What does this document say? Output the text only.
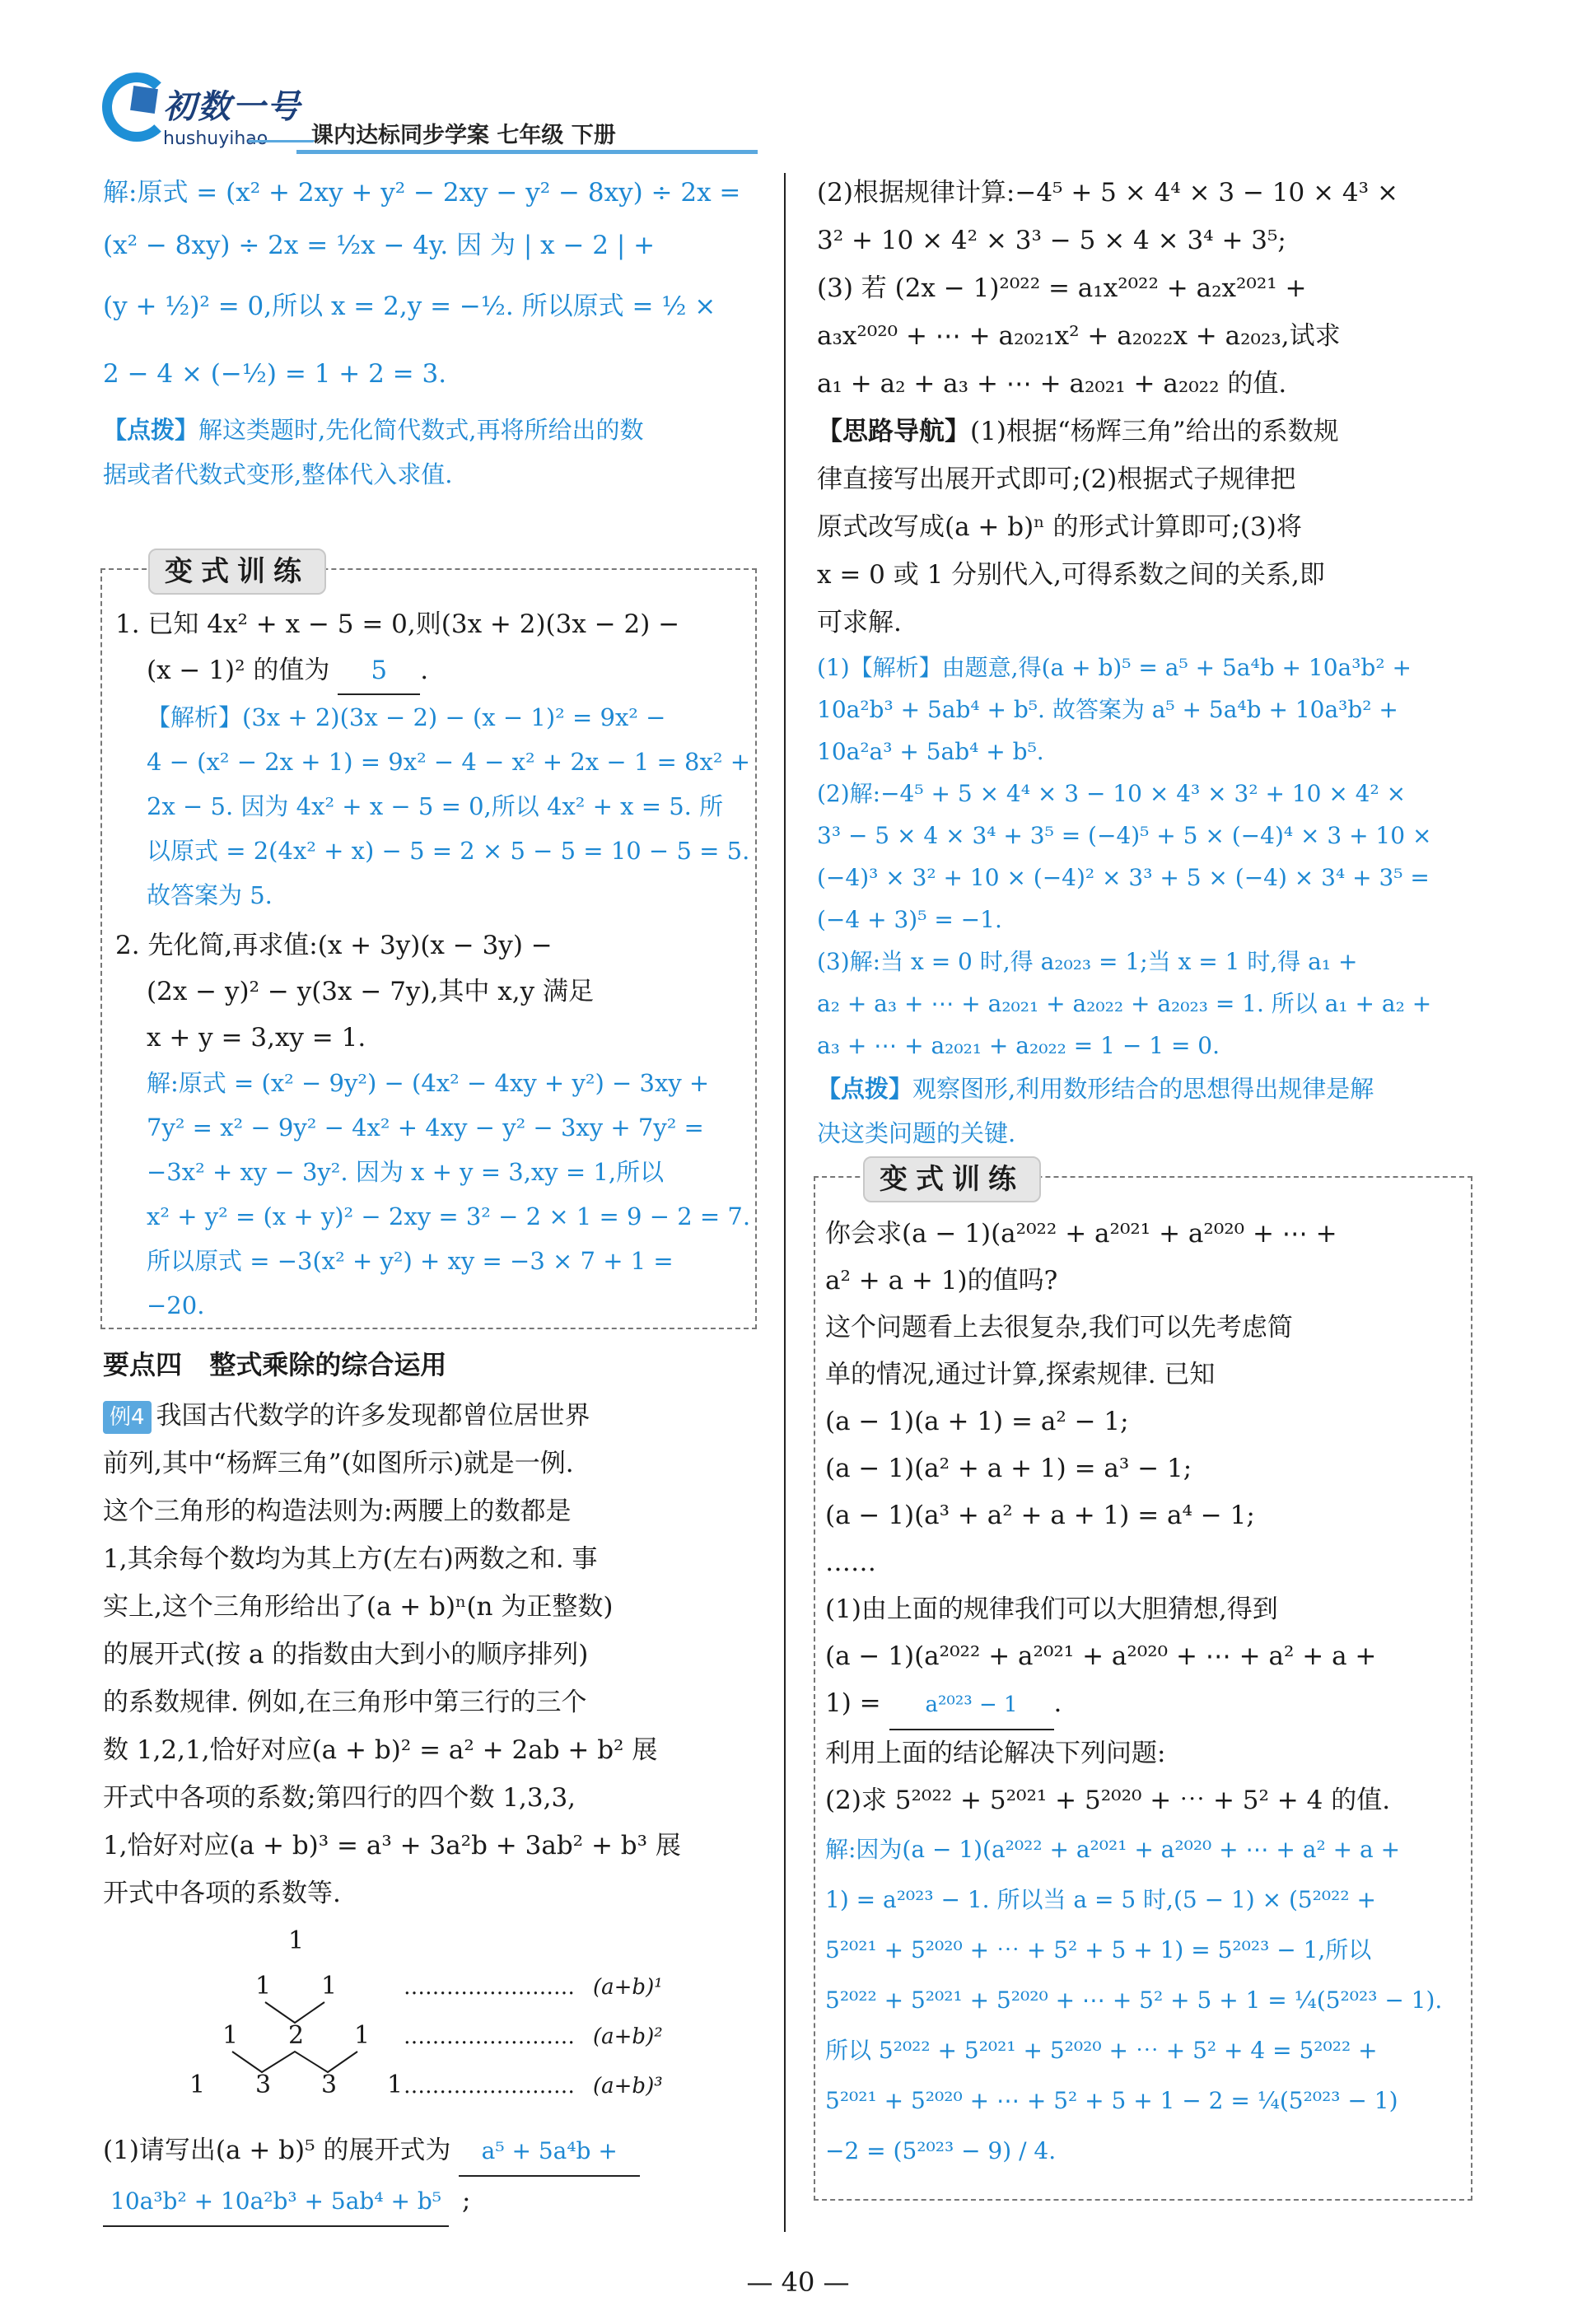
初数一号
hushuyihao 课内达标同步学案 七年级 下册
解:原式 = (x² + 2xy + y² − 2xy − y² − 8xy) ÷ 2x =
(x² − 8xy) ÷ 2x = ½x − 4y. 因 为 | x − 2 | +
(y + ½)² = 0,所以 x = 2,y = −½. 所以原式 = ½ ×
2 − 4 × (−½) = 1 + 2 = 3.
【点拨】解这类题时,先化简代数式,再将所给出的数
据或者代数式变形,整体代入求值.
变式训练
1. 已知 4x² + x − 5 = 0,则(3x + 2)(3x − 2) −
(x − 1)² 的值为 5 .
【解析】(3x + 2)(3x − 2) − (x − 1)² = 9x² −
4 − (x² − 2x + 1) = 9x² − 4 − x² + 2x − 1 = 8x² +
2x − 5. 因为 4x² + x − 5 = 0,所以 4x² + x = 5. 所
以原式 = 2(4x² + x) − 5 = 2 × 5 − 5 = 10 − 5 = 5.
故答案为 5.
2. 先化简,再求值:(x + 3y)(x − 3y) −
(2x − y)² − y(3x − 7y),其中 x,y 满足
x + y = 3,xy = 1.
解:原式 = (x² − 9y²) − (4x² − 4xy + y²) − 3xy +
7y² = x² − 9y² − 4x² + 4xy − y² − 3xy + 7y² =
−3x² + xy − 3y². 因为 x + y = 3,xy = 1,所以
x² + y² = (x + y)² − 2xy = 3² − 2 × 1 = 9 − 2 = 7.
所以原式 = −3(x² + y²) + xy = −3 × 7 + 1 =
−20.
要点四   整式乘除的综合运用
例4 我国古代数学的许多发现都曾位居世界
前列,其中“杨辉三角”(如图所示)就是一例.
这个三角形的构造法则为:两腰上的数都是
1,其余每个数均为其上方(左右)两数之和. 事
实上,这个三角形给出了(a + b)ⁿ(n 为正整数)
的展开式(按 a 的指数由大到小的顺序排列)
的系数规律. 例如,在三角形中第三行的三个
数 1,2,1,恰好对应(a + b)² = a² + 2ab + b² 展
开式中各项的系数;第四行的四个数 1,3,3,
1,恰好对应(a + b)³ = a³ + 3a²b + 3ab² + b³ 展
开式中各项的系数等.
1
1 1
1 2 1
1 3 3 1
…………………… (a+b)¹
…………………… (a+b)²
…………………… (a+b)³
(1)请写出(a + b)⁵ 的展开式为 a⁵ + 5a⁴b +
10a³b² + 10a²b³ + 5ab⁴ + b⁵ ;
(2)根据规律计算:−4⁵ + 5 × 4⁴ × 3 − 10 × 4³ ×
3² + 10 × 4² × 3³ − 5 × 4 × 3⁴ + 3⁵;
(3) 若 (2x − 1)²⁰²² = a₁x²⁰²² + a₂x²⁰²¹ +
a₃x²⁰²⁰ + ⋯ + a₂₀₂₁x² + a₂₀₂₂x + a₂₀₂₃,试求
a₁ + a₂ + a₃ + ⋯ + a₂₀₂₁ + a₂₀₂₂ 的值.
【思路导航】(1)根据“杨辉三角”给出的系数规
律直接写出展开式即可;(2)根据式子规律把
原式改写成(a + b)ⁿ 的形式计算即可;(3)将
x = 0 或 1 分别代入,可得系数之间的关系,即
可求解.
(1)【解析】由题意,得(a + b)⁵ = a⁵ + 5a⁴b + 10a³b² +
10a²b³ + 5ab⁴ + b⁵. 故答案为 a⁵ + 5a⁴b + 10a³b² +
10a²a³ + 5ab⁴ + b⁵.
(2)解:−4⁵ + 5 × 4⁴ × 3 − 10 × 4³ × 3² + 10 × 4² ×
3³ − 5 × 4 × 3⁴ + 3⁵ = (−4)⁵ + 5 × (−4)⁴ × 3 + 10 ×
(−4)³ × 3² + 10 × (−4)² × 3³ + 5 × (−4) × 3⁴ + 3⁵ =
(−4 + 3)⁵ = −1.
(3)解:当 x = 0 时,得 a₂₀₂₃ = 1;当 x = 1 时,得 a₁ +
a₂ + a₃ + ⋯ + a₂₀₂₁ + a₂₀₂₂ + a₂₀₂₃ = 1. 所以 a₁ + a₂ +
a₃ + ⋯ + a₂₀₂₁ + a₂₀₂₂ = 1 − 1 = 0.
【点拨】观察图形,利用数形结合的思想得出规律是解
决这类问题的关键.
变式训练
你会求(a − 1)(a²⁰²² + a²⁰²¹ + a²⁰²⁰ + ⋯ +
a² + a + 1)的值吗?
这个问题看上去很复杂,我们可以先考虑简
单的情况,通过计算,探索规律. 已知
(a − 1)(a + 1) = a² − 1;
(a − 1)(a² + a + 1) = a³ − 1;
(a − 1)(a³ + a² + a + 1) = a⁴ − 1;
……
(1)由上面的规律我们可以大胆猜想,得到
(a − 1)(a²⁰²² + a²⁰²¹ + a²⁰²⁰ + ⋯ + a² + a +
1) = a²⁰²³ − 1 .
利用上面的结论解决下列问题:
(2)求 5²⁰²² + 5²⁰²¹ + 5²⁰²⁰ + ⋯ + 5² + 4 的值.
解:因为(a − 1)(a²⁰²² + a²⁰²¹ + a²⁰²⁰ + ⋯ + a² + a +
1) = a²⁰²³ − 1. 所以当 a = 5 时,(5 − 1) × (5²⁰²² +
5²⁰²¹ + 5²⁰²⁰ + ⋯ + 5² + 5 + 1) = 5²⁰²³ − 1,所以
5²⁰²² + 5²⁰²¹ + 5²⁰²⁰ + ⋯ + 5² + 5 + 1 = ¼(5²⁰²³ − 1).
所以 5²⁰²² + 5²⁰²¹ + 5²⁰²⁰ + ⋯ + 5² + 4 = 5²⁰²² +
5²⁰²¹ + 5²⁰²⁰ + ⋯ + 5² + 5 + 1 − 2 = ¼(5²⁰²³ − 1)
−2 = (5²⁰²³ − 9) / 4.
— 40 —
